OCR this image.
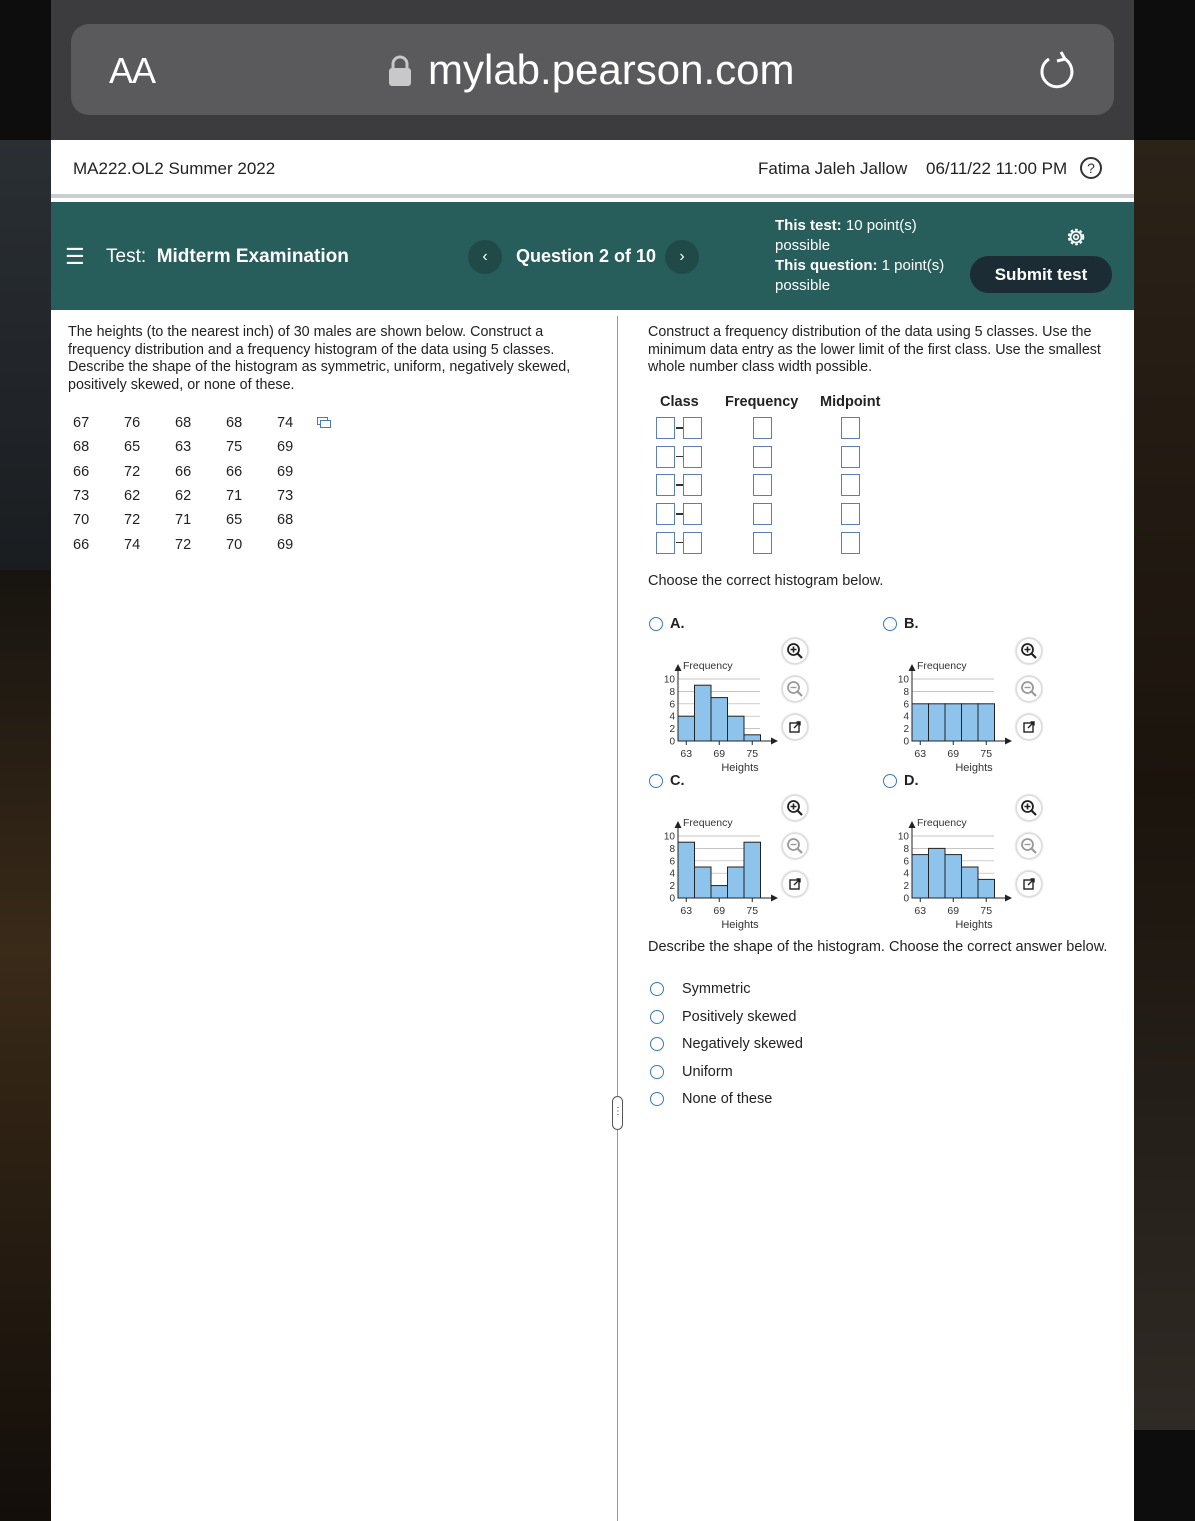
AA	mylab.pearson.com
MA222.OL2 Summer 2022	Fatima Jaleh Jallow 06/11/22 11:00 PM	?
☰ Test: Midterm Examination	‹	Question 2 of 10	›
This test: 10 point(s) possible
This question: 1 point(s) possible
Submit test
The heights (to the nearest inch) of 30 males are shown below. Construct a frequency distribution and a frequency histogram of the data using 5 classes. Describe the shape of the histogram as symmetric, uniform, negatively skewed, positively skewed, or none of these.
67	76	68	68	74
68	65	63	75	69
66	72	66	66	69
73	62	62	71	73
70	72	71	65	68
66	74	72	70	69
⋮
Construct a frequency distribution of the data using 5 classes. Use the minimum data entry as the lower limit of the first class. Use the smallest whole number class width possible.
Class Frequency Midpoint
Choose the correct histogram below.
A.
0
2
4
6
8
10
Frequency
63 69 75
Heights
B.
0
2
4
6
8
10
Frequency
63 69 75
Heights
C.
0
2
4
6
8
10
Frequency
63 69 75
Heights
D.
0
2
4
6
8
10
Frequency
63 69 75
Heights
Describe the shape of the histogram. Choose the correct answer below.
Symmetric
Positively skewed
Negatively skewed
Uniform
None of these
